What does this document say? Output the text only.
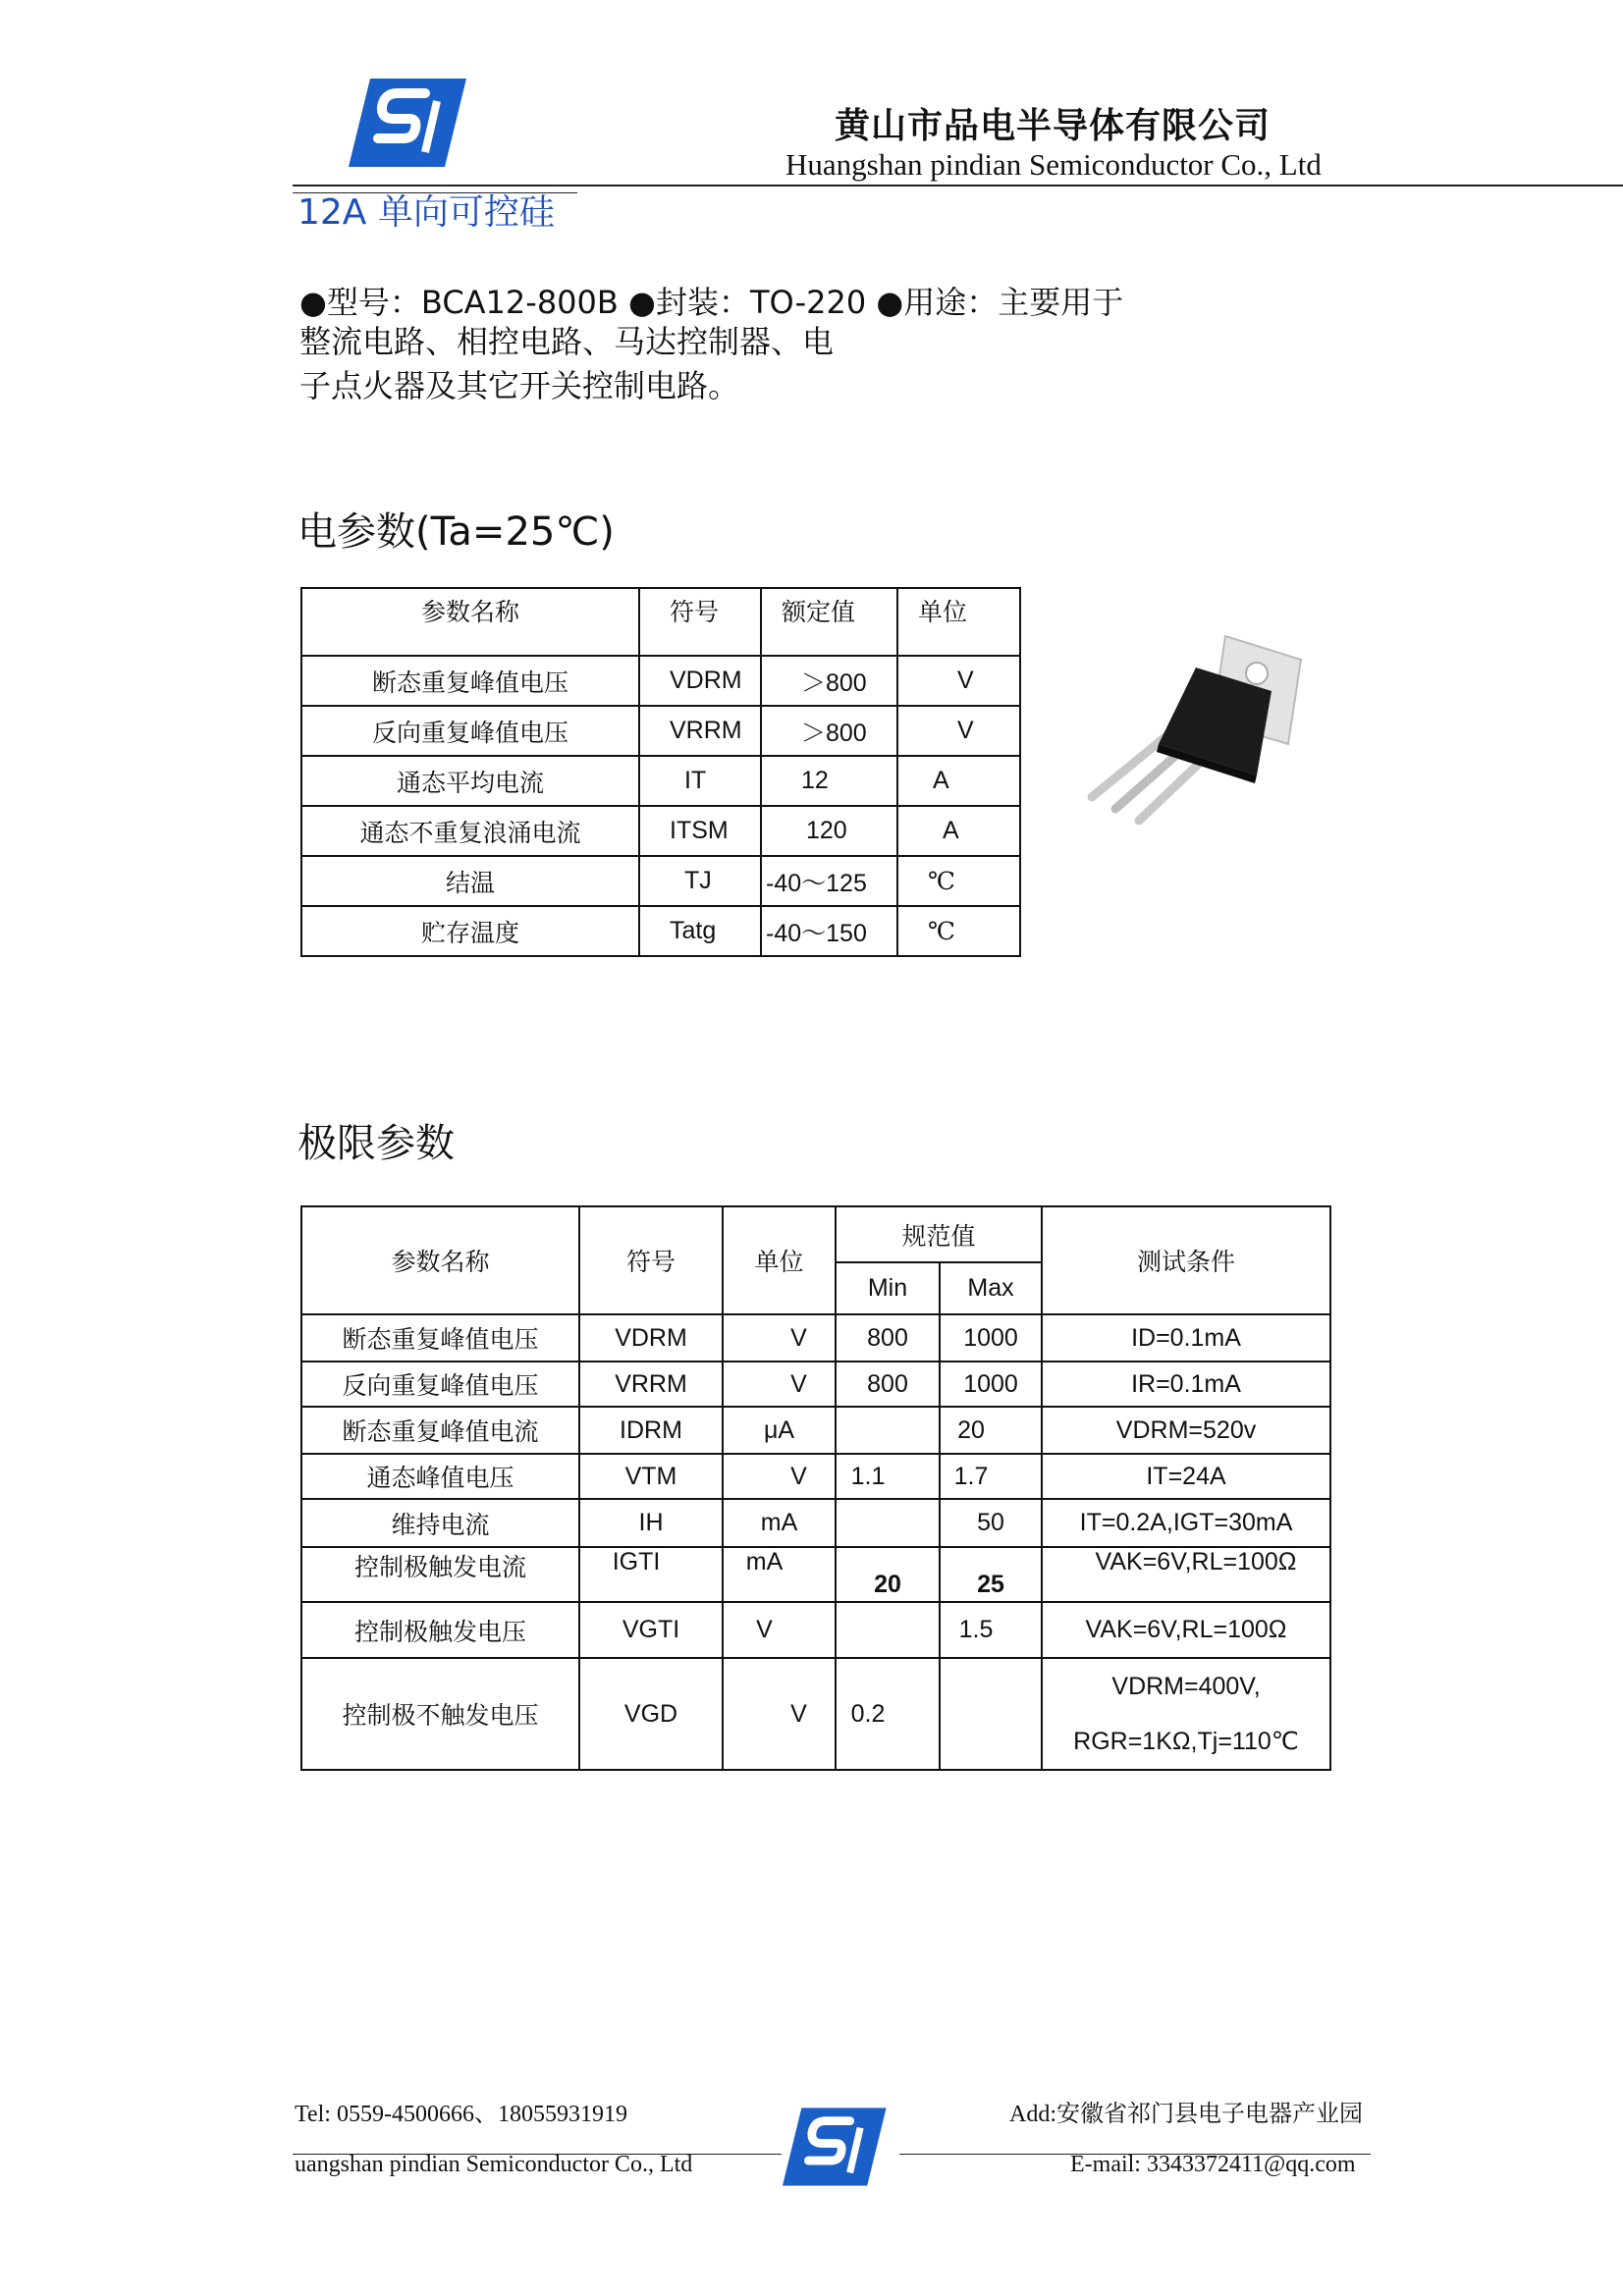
黄山市品电半导体有限公司
Huangshan pindian Semiconductor Co., Ltd
12A 单向可控硅
●型号：BCA12-800B ●封装：TO-220 ●用途：主要用于
整流电路、相控电路、马达控制器、电
子点火器及其它开关控制电路。
电参数(Ta=25℃)
参数名称	符号	额定值	单位
断态重复峰值电压	VDRM	＞800	V
反向重复峰值电压	VRRM	＞800	V
通态平均电流	IT	12	A
通态不重复浪涌电流	ITSM	120	A
结温	TJ	-40～125	℃
贮存温度	Tatg	-40～150	℃
极限参数
参数名称	符号	单位	规范值		测试条件
			Min	Max	
断态重复峰值电压	VDRM	V	800	1000	ID=0.1mA
反向重复峰值电压	VRRM	V	800	1000	IR=0.1mA
断态重复峰值电流	IDRM	μA		20	VDRM=520v
通态峰值电压	VTM	V	1.1	1.7	IT=24A
维持电流	IH	mA		50	IT=0.2A,IGT=30mA
控制极触发电流	IGTI	mA	20	25	VAK=6V,RL=100Ω
控制极触发电压	VGTI	V		1.5	VAK=6V,RL=100Ω
控制极不触发电压	VGD	V	0.2		VDRM=400V,
RGR=1KΩ,Tj=110℃
Tel: 0559-4500666、18055931919	Add:安徽省祁门县电子电器产业园
uangshan pindian Semiconductor Co., Ltd	E-mail: 3343372411@qq.com
